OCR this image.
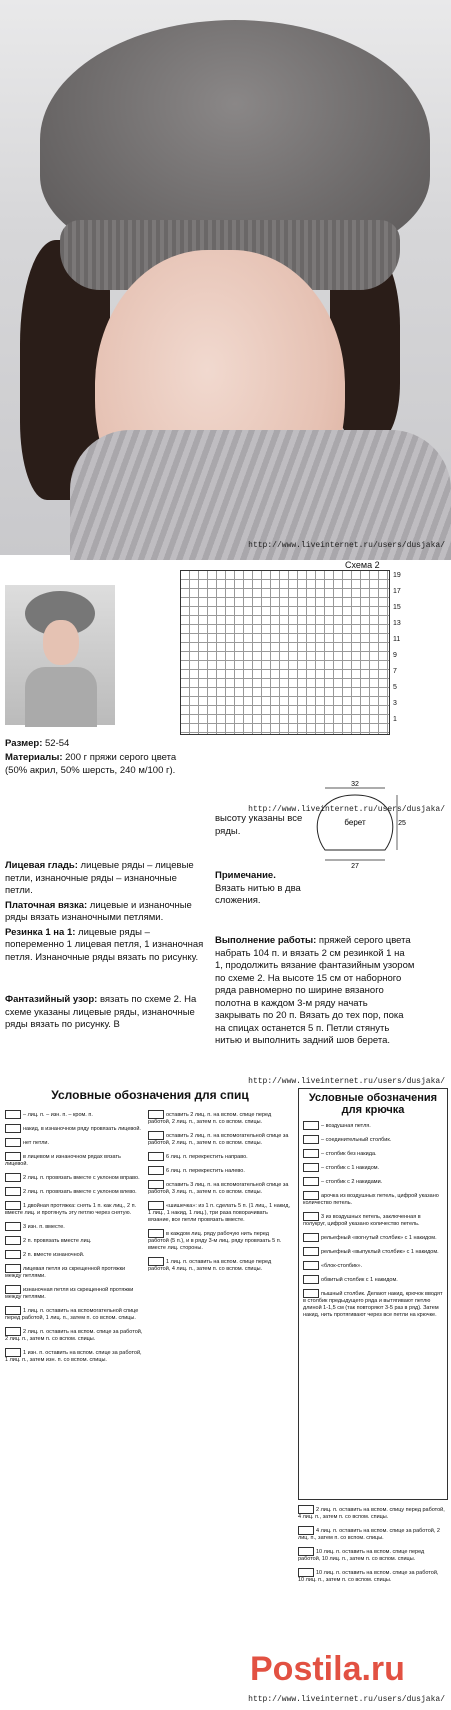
http://www.liveinternet.ru/users/dusjaka/
Схема 2
19
17
15
13
11
9
7
5
3
1
Размер: 52-54
Материалы: 200 г пряжи серого цвета (50% акрил, 50% шерсть, 240 м/100 г).
http://www.liveinternet.ru/users/dusjaka/
32
27
25
берет

Лицевая гладь: лицевые ряды – лицевые петли, изнаночные ряды – изнаночные петли.

Платочная вязка: лицевые и изнаночные ряды вязать изнаночными петлями.

Резинка 1 на 1: лицевые ряды – попеременно 1 лицевая петля, 1 изнаночная петля. Изнаночные ряды вязать по рисунку.

Фантазийный узор: вязать по схеме 2. На схеме указаны лицевые ряды, изнаночные ряды вязать по рисунку. В

высоту указаны все ряды.
Примечание.
Вязать нитью в два сложения.
Выполнение работы: пряжей серого цвета набрать 104 п. и вязать 2 см резинкой 1 на 1, продолжить вязание фантазийным узором по схеме 2. На высоте 15 см от наборного ряда равномерно по ширине вязаного полотна в каждом 3-м ряду начать закрывать по 20 п. Вязать до тех пор, пока на спицах останется 5 п. Петли стянуть нитью и выполнить задний шов берета.
http://www.liveinternet.ru/users/dusjaka/
Условные обозначения для спиц
– лиц. п. – изн. п. – кром. п.
накид, в изнаночном ряду провязать лицевой.
нет петли.
в лицевом и изнаночном рядах вязать лицевой.
2 лиц. п. провязать вместе с уклоном вправо.
2 лиц. п. провязать вместе с уклоном влево.
1 двойная протяжка: снять 1 п. как лиц., 2 п. вместе лиц. и протянуть эту петлю через снятую.
3 изн. п. вместе.
2 п. провязать вместе лиц.
2 п. вместе изнаночной.
лицевая петля из скрещенной протяжки между петлями.
изнаночная петля из скрещенной протяжки между петлями.
1 лиц. п. оставить на вспомогательной спице перед работой, 1 лиц. п., затем п. со вспом. спицы.
2 лиц. п. оставить на вспом. спице за работой, 2 лиц. п., затем п. со вспом. спицы.
1 изн. п. оставить на вспом. спице за работой, 1 лиц. п., затем изн. п. со вспом. спицы.
оставить 2 лиц. п. на вспом. спице перед работой, 2 лиц. п., затем п. со вспом. спицы.
оставить 2 лиц. п. на вспомогательной спице за работой, 2 лиц. п., затем п. со вспом. спицы.
6 лиц. п. перекрестить направо.
6 лиц. п. перекрестить налево.
оставить 3 лиц. п. на вспомогательной спице за работой, 3 лиц. п., затем п. со вспом. спицы.
«шишечка»: из 1 п. сделать 5 п. (1 лиц., 1 накид, 1 лиц., 1 накид, 1 лиц.), три раза поворачивать вязание, все петли провязать вместе.
в каждом лиц. ряду рабочую нить перед работой (5 п.), и в ряду 3-м лиц. ряду провязать 5 п. вместе лиц. стороны.
1 лиц. п. оставить на вспом. спице перед работой, 4 лиц. п., затем п. со вспом. спицы.
Условные обозначения для крючка
– воздушная петля.
– соединительный столбик.
– столбик без накида.
– столбик с 1 накидом.
– столбик с 2 накидами.
арочка из воздушных петель, цифрой указано количество петель.
3 из воздушных петель, заключенная в полукруг, цифрой указано количество петель.
рельефный «вогнутый столбик» с 1 накидом.
рельефный «выпуклый столбик» с 1 накидом.
«блок-столбик».
обвитый столбик с 1 накидом.
пышный столбик. Делают накид, крючок вводят в столбик предыдущего ряда и вытягивают петлю длиной 1-1,5 см (так повторяют 3-5 раз в ряд). Затем накид, нить протягивают через все петли на крючке.
2 лиц. п. оставить на вспом. спицу перед работой, 4 лиц. п., затем п. со вспом. спицы.
4 лиц. п. оставить на вспом. спице за работой, 2 лиц. п., затем п. со вспом. спицы.
10 лиц. п. оставить на вспом. спице перед работой, 10 лиц. п., затем п. со вспом. спицы.
10 лиц. п. оставить на вспом. спице за работой, 10 лиц. п., затем п. со вспом. спицы.
Postila.ru
http://www.liveinternet.ru/users/dusjaka/
